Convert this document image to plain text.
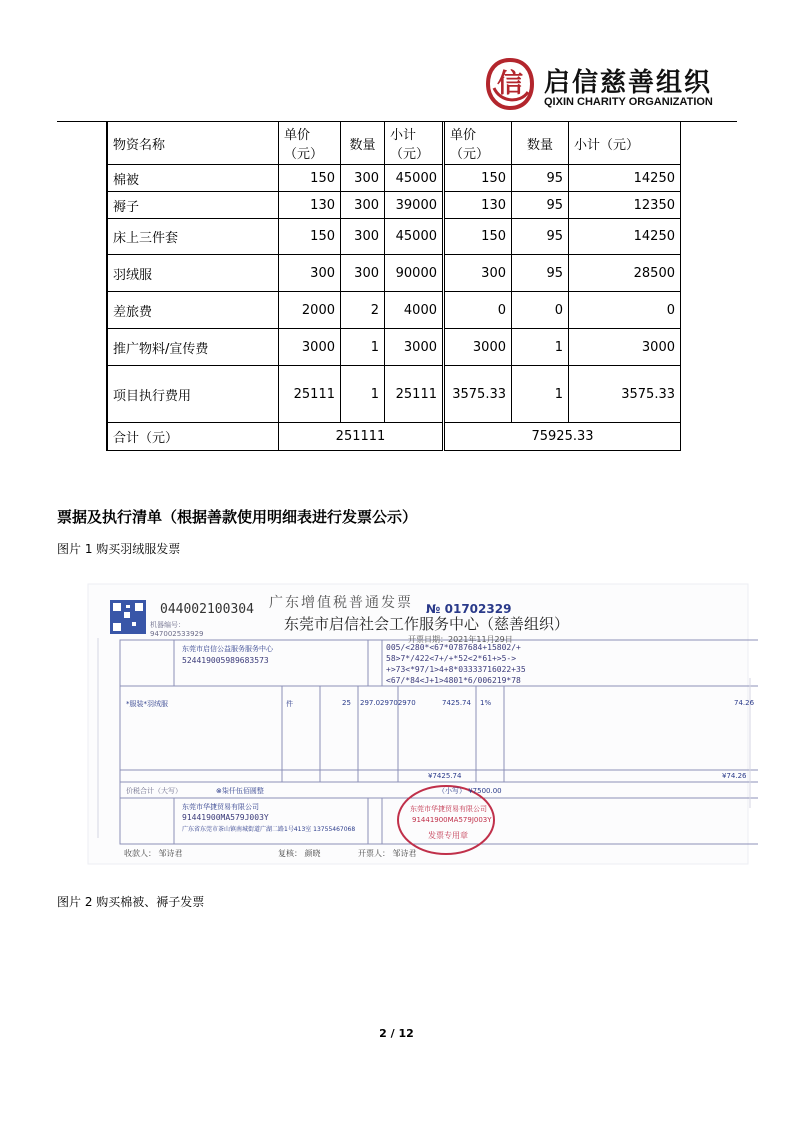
信 启信慈善组织
QIXIN CHARITY ORGANIZATION
物资名称	单价（元）	数量	小计（元）	单价（元）	数量	小计（元）
棉被	150	300	45000	150	95	14250
褥子	130	300	39000	130	95	12350
床上三件套	150	300	45000	150	95	14250
羽绒服	300	300	90000	300	95	28500
差旅费	2000	2	4000	0	0	0
推广物料/宣传费	3000	1	3000	3000	1	3000
项目执行费用	25111	1	25111	3575.33	1	3575.33
合计（元）	251111			75925.33		
票据及执行清单（根据善款使用明细表进行发票公示）
图片 1 购买羽绒服发票
图片 2 购买棉被、褥子发票
044002100304 广东增值税普通发票 № 01702329
东莞市启信社会工作服务中心（慈善组织）
开票日期：2021年11月29日
机器编号：
947002533929
东莞市启信公益服务服务中心
52441900598968357З
005/<280*<67*0787684+15802/+
58>7*/422<7+/+*52<2*61+>5->
+>73<*97/1>4+8*03333716022+35
<67/*84<J+1>4801*6/006219*78
*服装*羽绒服	件	25 297.029702970	7425.74 1%	74.26
¥7425.74	¥74.26
价税合计（大写）	⊗柒仟伍佰圆整	（小写） ¥7500.00
东莞市华捷贸易有限公司
91441900MA579J003Y
广东省东莞市茶山镇南城街道广湖二路1号413室 13755467068
东莞市华捷贸易有限公司
91441900MA579J003Y
发票专用章
收款人： 邹诗君	复核： 颜晓	开票人： 邹诗君
2 / 12
